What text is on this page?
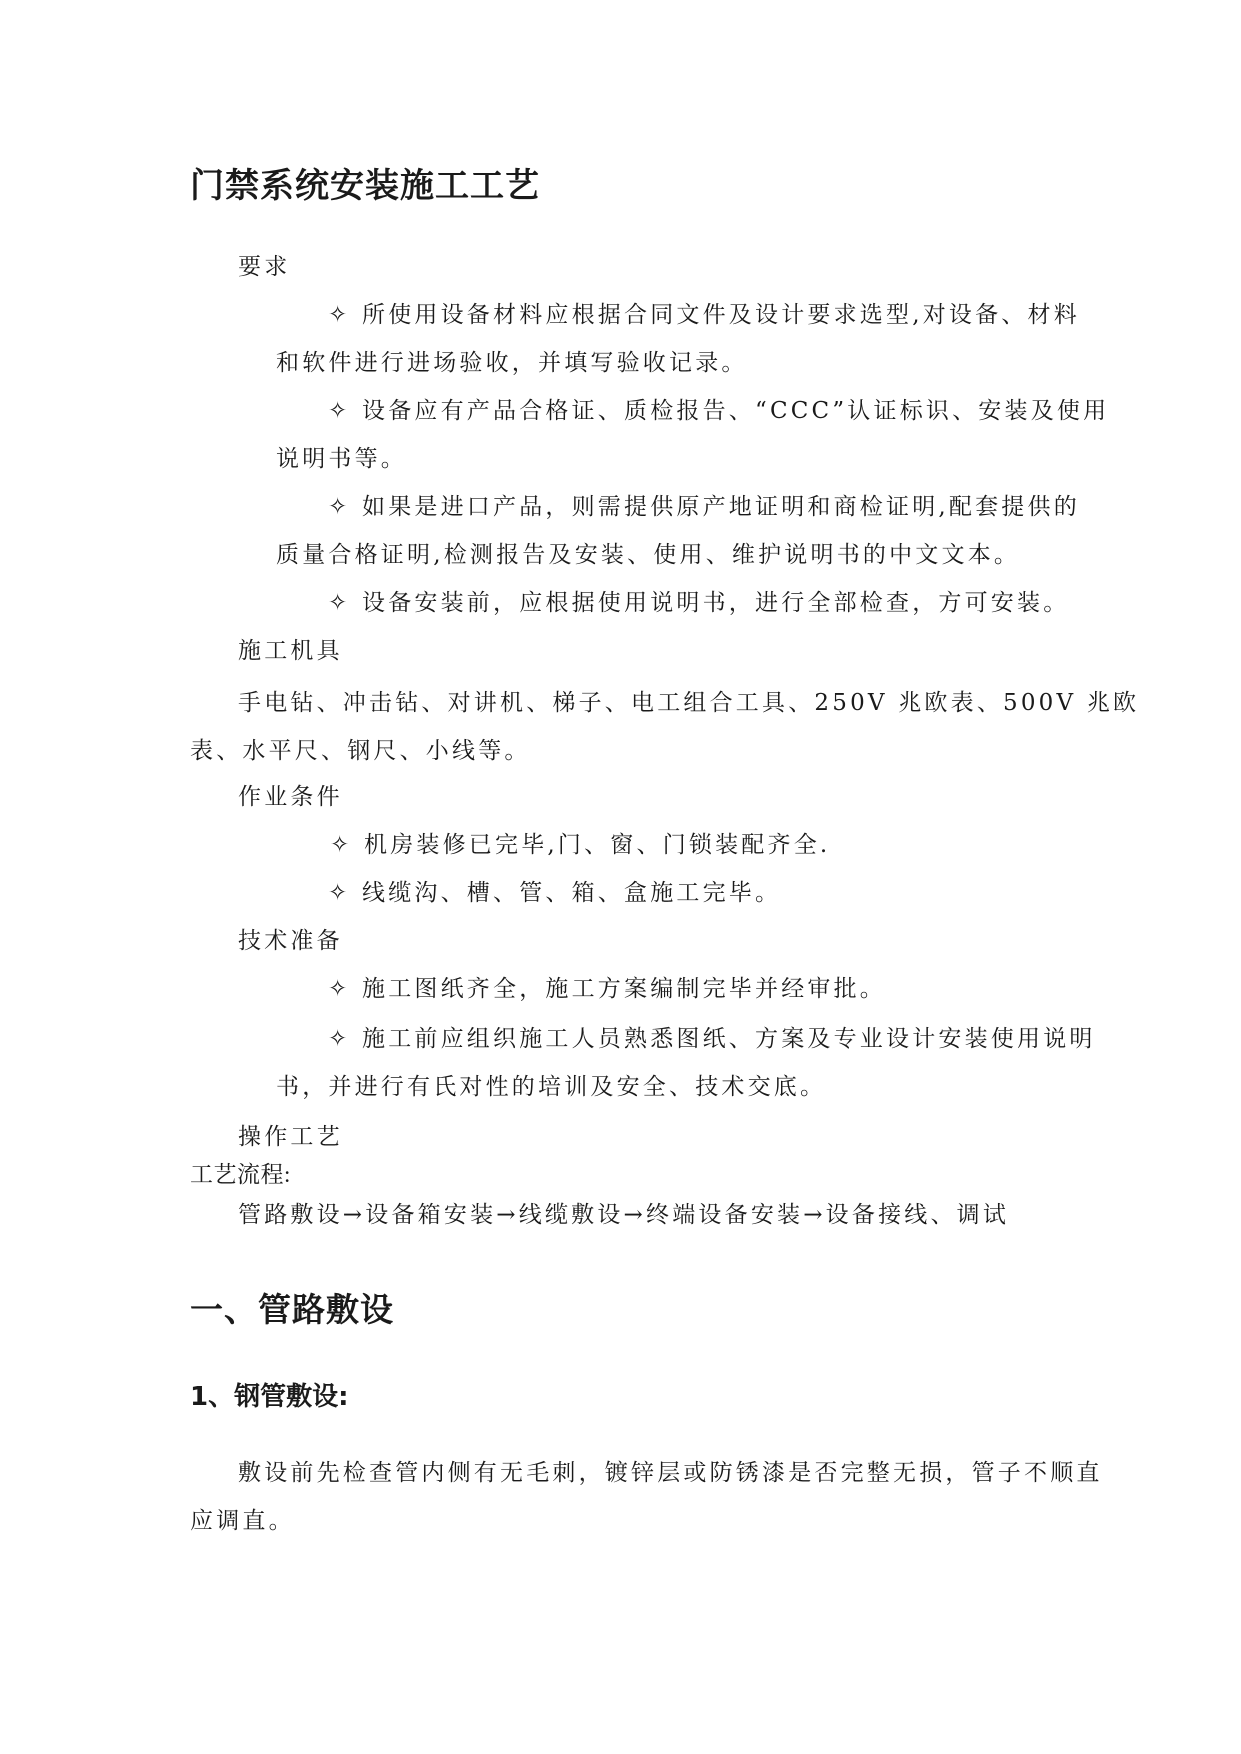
门禁系统安装施工工艺
要求
✧ 所使用设备材料应根据合同文件及设计要求选型,对设备、材料
和软件进行进场验收，并填写验收记录。
✧ 设备应有产品合格证、质检报告、“CCC”认证标识、安装及使用
说明书等。
✧ 如果是进口产品，则需提供原产地证明和商检证明,配套提供的
质量合格证明,检测报告及安装、使用、维护说明书的中文文本。
✧ 设备安装前，应根据使用说明书，进行全部检查，方可安装。
施工机具
手电钻、冲击钻、对讲机、梯子、电工组合工具、250V 兆欧表、500V 兆欧
表、水平尺、钢尺、小线等。
作业条件
✧ 机房装修已完毕,门、窗、门锁装配齐全.
✧ 线缆沟、槽、管、箱、盒施工完毕。
技术准备
✧ 施工图纸齐全，施工方案编制完毕并经审批。
✧ 施工前应组织施工人员熟悉图纸、方案及专业设计安装使用说明
书，并进行有氏对性的培训及安全、技术交底。
操作工艺
工艺流程:
管路敷设→设备箱安装→线缆敷设→终端设备安装→设备接线、调试
一、管路敷设
1、钢管敷设:
敷设前先检查管内侧有无毛刺，镀锌层或防锈漆是否完整无损，管子不顺直
应调直。
